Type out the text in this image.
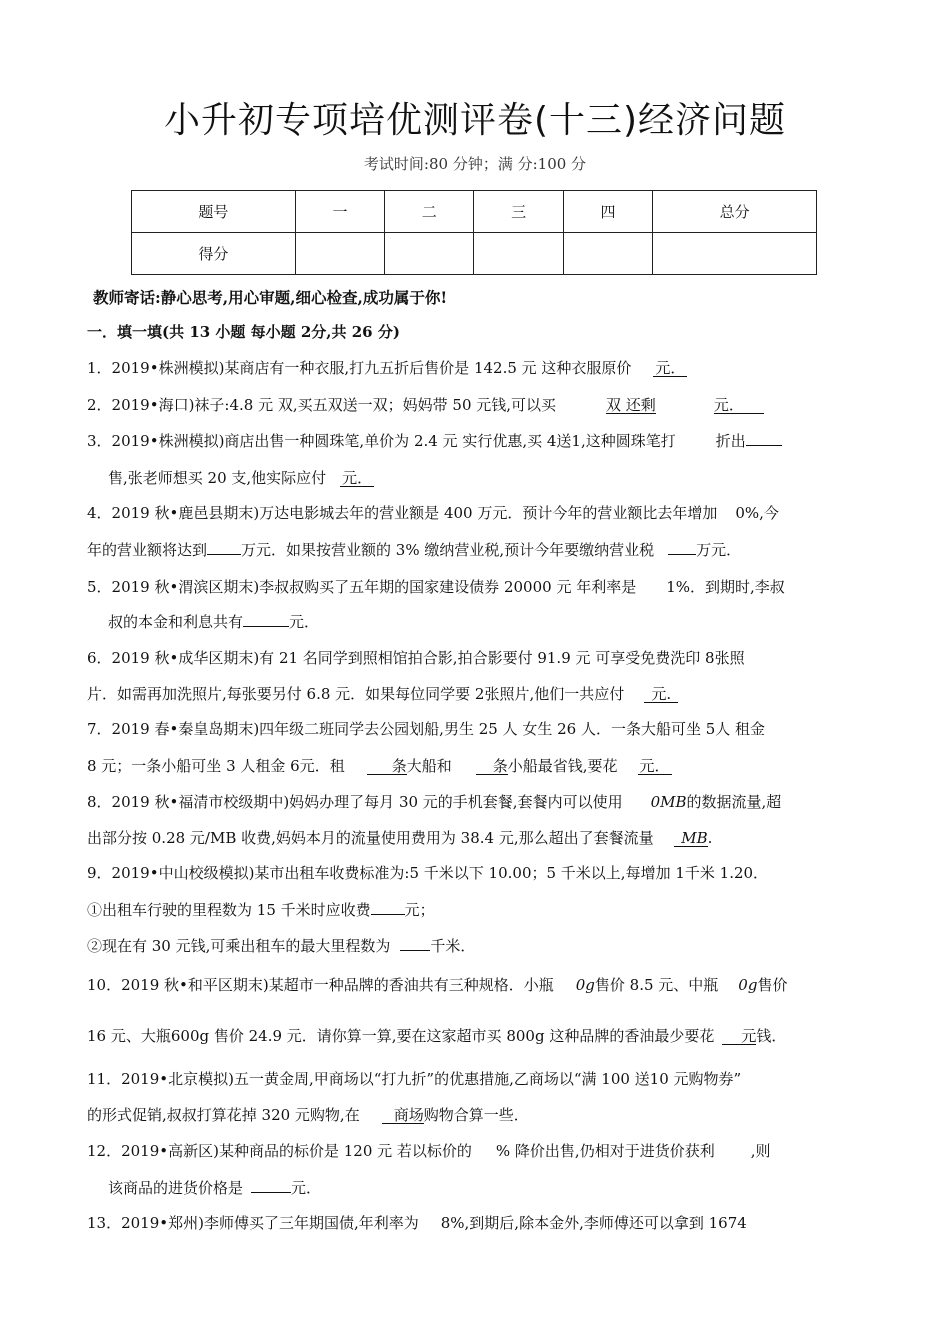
小升初专项培优测评卷(十三)经济问题
考试时间:80 分钟；满 分:100 分
题号	一	二	三	四	总分
得分					
教师寄话:静心思考,用心审题,细心检查,成功属于你!
一．填一填(共 13 小题 每小题 2分,共 26 分)
1．2019•株洲模拟)某商店有一种衣服,打九五折后售价是 142.5 元 这种衣服原价 元．
2．2019•海口)袜子:4.8 元 双,买五双送一双；妈妈带 50 元钱,可以买	双 还剩	元．
3．2019•株洲模拟)商店出售一种圆珠笔,单价为 2.4 元 实行优惠,买 4送1,这种圆珠笔打	折出
售,张老师想买 20 支,他实际应付 元．
4．2019 秋•鹿邑县期末)万达电影城去年的营业额是 400 万元．预计今年的营业额比去年增加 0%,今
年的营业额将达到 万元．如果按营业额的 3% 缴纳营业税,预计今年要缴纳营业税	万元．
5．2019 秋•渭滨区期末)李叔叔购买了五年期的国家建设债券 20000 元 年利率是 1%．到期时,李叔
叔的本金和利息共有	元．
6．2019 秋•成华区期末)有 21 名同学到照相馆拍合影,拍合影要付 91.9 元 可享受免费洗印 8张照
片．如需再加洗照片,每张要另付 6.8 元．如果每位同学要 2张照片,他们一共应付 元.
7．2019 春•秦皇岛期末)四年级二班同学去公园划船,男生 25 人 女生 26 人．一条大船可坐 5人 租金
8 元；一条小船可坐 3 人租金 6元．租	条大船和	条小船最省钱,要花 元．
8．2019 秋•福清市校级期中)妈妈办理了每月 30 元的手机套餐,套餐内可以使用 0MB的数据流量,超
出部分按 0.28 元/MB 收费,妈妈本月的流量使用费用为 38.4 元,那么超出了套餐流量 MB.
9．2019•中山校级模拟)某市出租车收费标准为:5 千米以下 10.00；5 千米以上,每增加 1千米 1.20．
①出租车行驶的里程数为 15 千米时应收费 元；
②现在有 30 元钱,可乘出租车的最大里程数为	千米．
10．2019 秋•和平区期末)某超市一种品牌的香油共有三种规格．小瓶 0g售价 8.5 元、中瓶 0g售价
16 元、大瓶600g 售价 24.9 元．请你算一算,要在这家超市买 800g 这种品牌的香油最少要花 元钱．
11．2019•北京模拟)五一黄金周,甲商场以“打九折”的优惠措施,乙商场以“满 100 送10 元购物券”
的形式促销,叔叔打算花掉 320 元购物,在 商场购物合算一些．
12．2019•高新区)某种商品的标价是 120 元 若以标价的 % 降价出售,仍相对于进货价获利 ,则
该商品的进货价格是	元．
13．2019•郑州)李师傅买了三年期国债,年利率为 8%,到期后,除本金外,李师傅还可以拿到 1674
